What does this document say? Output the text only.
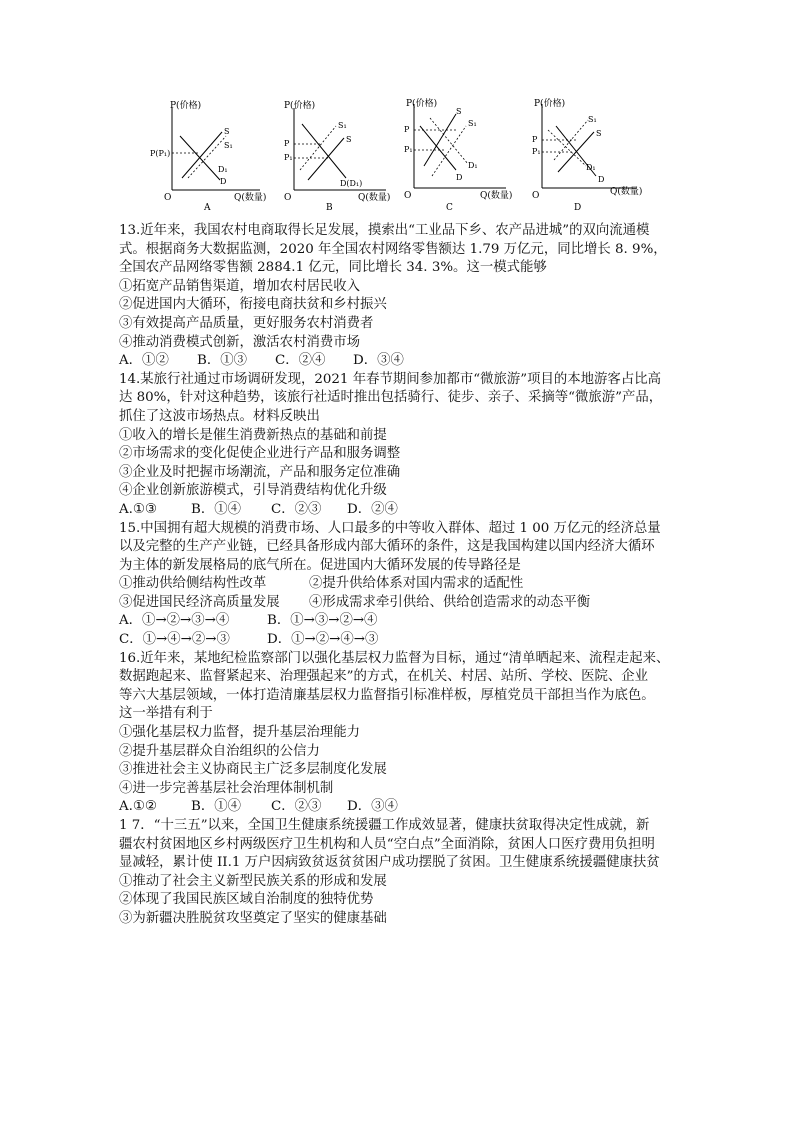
P(价格)
Q(数量)
O
P(P₁)
S
S₁
D₁
D
A
P(价格)
Q(数量)
O
P
P₁
S₁
S
D(D₁)
B
P(价格)
Q(数量)
O
P
P₁
S
S₁
D
D₁
C
P(价格)
Q(数量)
O
P
P₁
S₁
S
D₁
D
D

13.近年来，我国农村电商取得长足发展，摸索出“工业品下乡、农产品进城”的双向流通模

式。根据商务大数据监测，2020 年全国农村网络零售额达 1.79 万亿元，同比增长 8. 9%，

全国农产品网络零售额 2884.1 亿元，同比增长 34. 3%。这一模式能够

①拓宽产品销售渠道，增加农村居民收入

②促进国内大循环，衔接电商扶贫和乡村振兴

③有效提高产品质量，更好服务农村消费者

④推动消费模式创新，激活农村消费市场

A．①② B．①③ C．②④ D．③④

14.某旅行社通过市场调研发现，2021 年春节期间参加都市“微旅游”项目的本地游客占比高

达 80%，针对这种趋势，该旅行社适时推出包括骑行、徒步、亲子、采摘等“微旅游”产品，

抓住了这波市场热点。材料反映出

①收入的增长是催生消费新热点的基础和前提

②市场需求的变化促使企业进行产品和服务调整

③企业及时把握市场潮流，产品和服务定位准确

④企业创新旅游模式，引导消费结构优化升级

A.①③	B．①④ C．②③ D．②④

15.中国拥有超大规模的消费市场、人口最多的中等收入群体、超过 1 00 万亿元的经济总量

以及完整的生产产业链，已经具备形成内部大循环的条件，这是我国构建以国内经济大循环

为主体的新发展格局的底气所在。促进国内大循环发展的传导路径是

①推动供给侧结构性改革	②提升供给体系对国内需求的适配性

③促进国民经济高质量发展 ④形成需求牵引供给、供给创造需求的动态平衡

A．①→②→③→④	B．①→③→②→④

C．①→④→②→③	D．①→②→④→③

16.近年来，某地纪检监察部门以强化基层权力监督为目标，通过“清单晒起来、流程走起来、

数据跑起来、监督紧起来、治理强起来”的方式，在机关、村居、站所、学校、医院、企业

等六大基层领域，一体打造清廉基层权力监督指引标准样板，厚植党员干部担当作为底色。

这一举措有利于

①强化基层权力监督，提升基层治理能力

②提升基层群众自治组织的公信力

③推进社会主义协商民主广泛多层制度化发展

④进一步完善基层社会治理体制机制

A.①②	B．①④ C．②③ D．③④

1 7．“十三五”以来，全国卫生健康系统援疆工作成效显著，健康扶贫取得决定性成就，新

疆农村贫困地区乡村两级医疗卫生机构和人员“空白点”全面消除，贫困人口医疗费用负担明

显减轻，累计使 II.1 万户因病致贫返贫贫困户成功摆脱了贫困。卫生健康系统援疆健康扶贫

①推动了社会主义新型民族关系的形成和发展

②体现了我国民族区域自治制度的独特优势

③为新疆决胜脱贫攻坚奠定了坚实的健康基础
